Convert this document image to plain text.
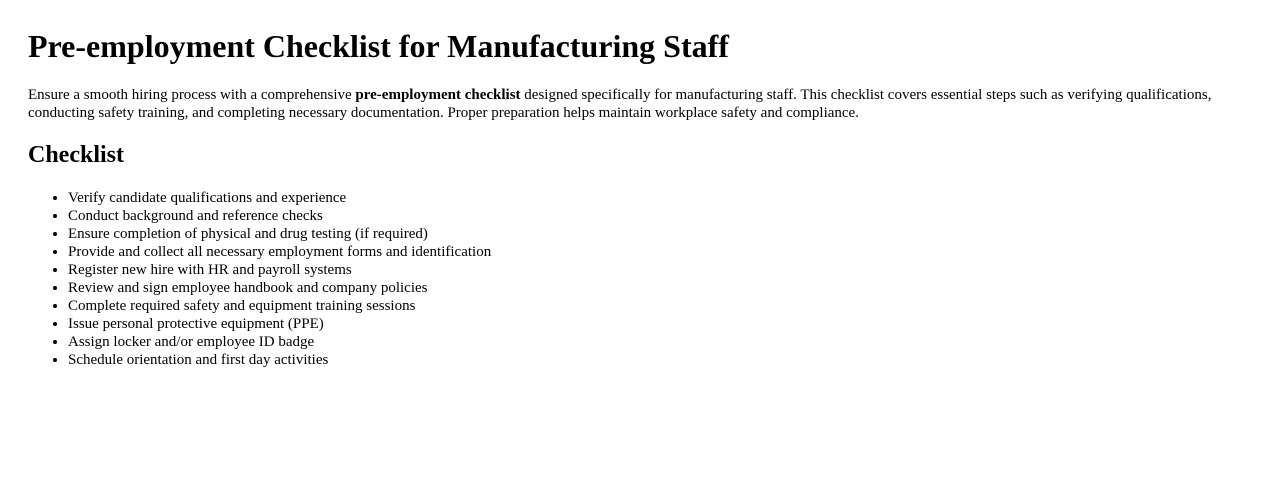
Pre-employment Checklist for Manufacturing Staff

Ensure a smooth hiring process with a comprehensive pre-employment checklist designed specifically for manufacturing staff. This checklist covers essential steps such as verifying qualifications, conducting safety training, and completing necessary documentation. Proper preparation helps maintain workplace safety and compliance.

Checklist
• Verify candidate qualifications and experience
• Conduct background and reference checks
• Ensure completion of physical and drug testing (if required)
• Provide and collect all necessary employment forms and identification
• Register new hire with HR and payroll systems
• Review and sign employee handbook and company policies
• Complete required safety and equipment training sessions
• Issue personal protective equipment (PPE)
• Assign locker and/or employee ID badge
• Schedule orientation and first day activities
